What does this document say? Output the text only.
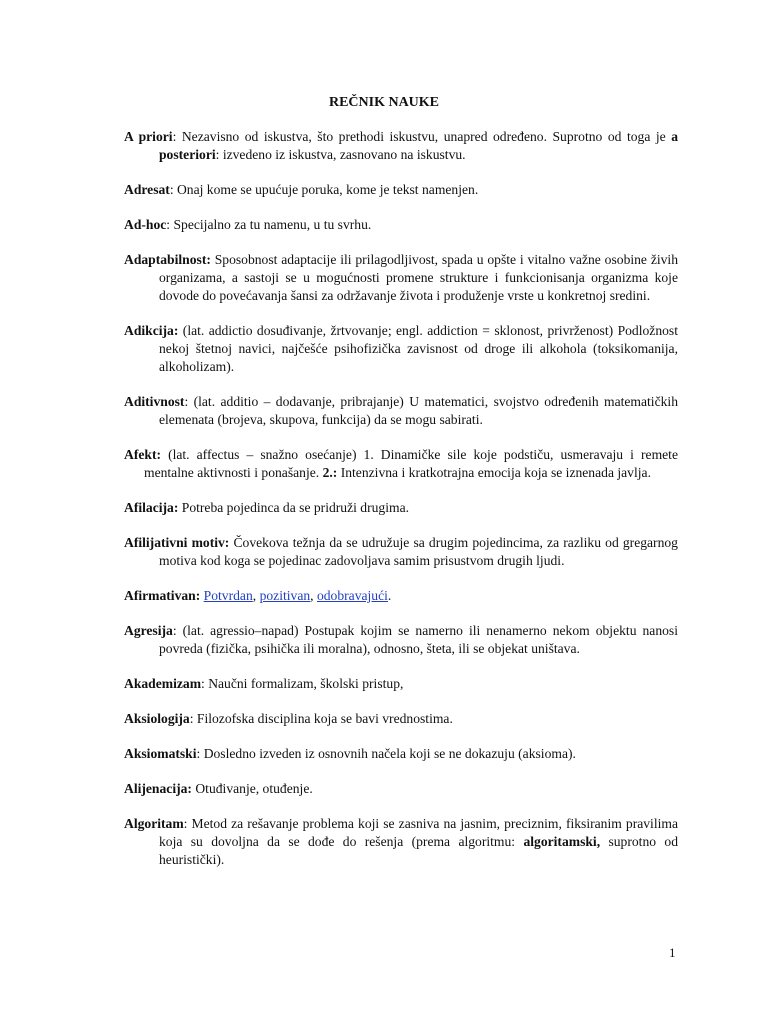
REČNIK NAUKE

A priori: Nezavisno od iskustva, što prethodi iskustvu, unapred određeno. Suprotno od toga je a posteriori: izvedeno iz iskustva, zasnovano na iskustvu.

Adresat: Onaj kome se upućuje poruka, kome je tekst namenjen.

Ad-hoc: Specijalno za tu namenu, u tu svrhu.

Adaptabilnost: Sposobnost adaptacije ili prilagodljivost, spada u opšte i vitalno važne osobine živih organizama, a sastoji se u mogućnosti promene strukture i funkcionisanja organizma koje dovode do povećavanja šansi za održavanje života i produženje vrste u konkretnoj sredini.

Adikcija: (lat. addictio dosuđivanje, žrtvovanje; engl. addiction = sklonost, privrženost) Podložnost nekoj štetnoj navici, najčešće psihofizička zavisnost od droge ili alkohola (toksikomanija, alkoholizam).

Aditivnost: (lat. additio – dodavanje, pribrajanje) U matematici, svojstvo određenih matematičkih elemenata (brojeva, skupova, funkcija) da se mogu sabirati.

Afekt: (lat. affectus – snažno osećanje) 1. Dinamičke sile koje podstiču, usmeravaju i remete mentalne aktivnosti i ponašanje. 2.: Intenzivna i kratkotrajna emocija koja se iznenada javlja.

Afilacija: Potreba pojedinca da se pridruži drugima.

Afilijativni motiv: Čovekova težnja da se udružuje sa drugim pojedincima, za razliku od gregarnog motiva kod koga se pojedinac zadovoljava samim prisustvom drugih ljudi.

Afirmativan: Potvrdan, pozitivan, odobravajući.

Agresija: (lat. agressio–napad) Postupak kojim se namerno ili nenamerno nekom objektu nanosi povreda (fizička, psihička ili moralna), odnosno, šteta, ili se objekat uništava.

Akademizam: Naučni formalizam, školski pristup,

Aksiologija: Filozofska disciplina koja se bavi vrednostima.

Aksiomatski: Dosledno izveden iz osnovnih načela koji se ne dokazuju (aksioma).

Alijenacija: Otuđivanje, otuđenje.

Algoritam: Metod za rešavanje problema koji se zasniva na jasnim, preciznim, fiksiranim pravilima koja su dovoljna da se dođe do rešenja (prema algoritmu: algoritamski, suprotno od heuristički).

1
